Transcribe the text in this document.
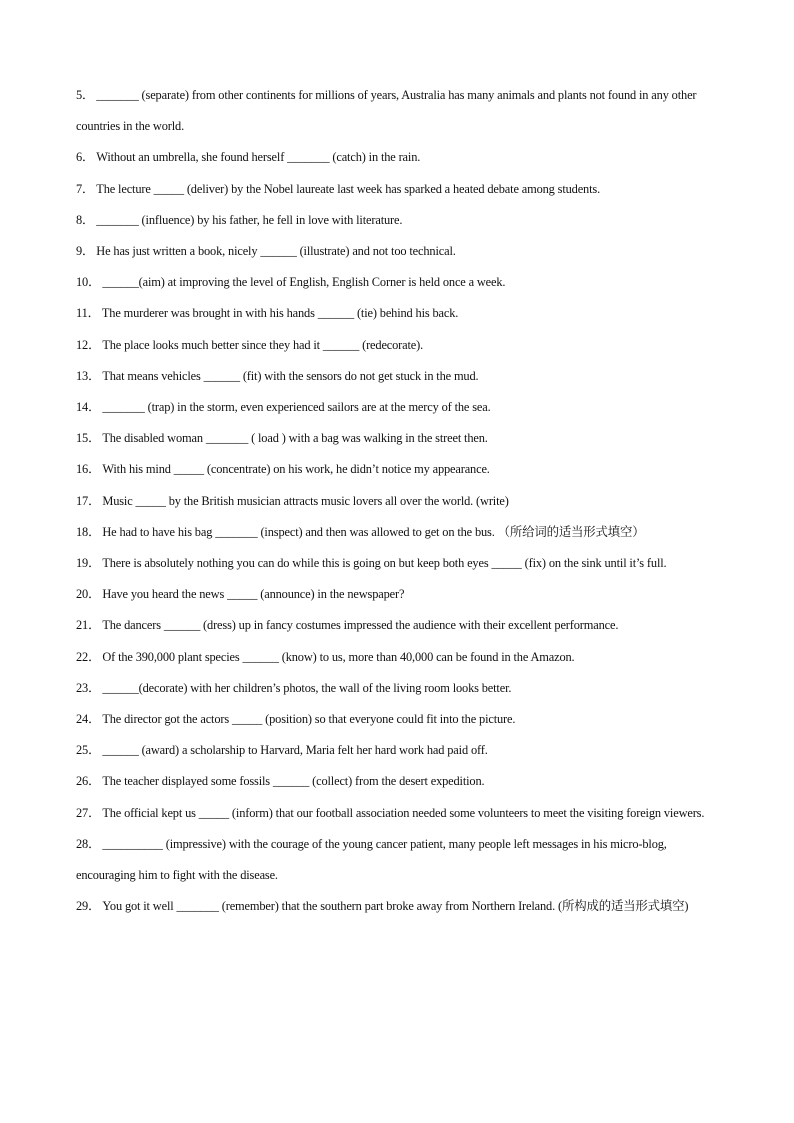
5． _______ (separate) from other continents for millions of years, Australia has many animals and plants not found in any other countries in the world.

6． Without an umbrella, she found herself _______ (catch) in the rain.

7． The lecture _____ (deliver) by the Nobel laureate last week has sparked a heated debate among students.

8． _______ (influence) by his father, he fell in love with literature.

9． He has just written a book, nicely ______ (illustrate) and not too technical.

10． ______(aim) at improving the level of English, English Corner is held once a week.

11． The murderer was brought in with his hands ______ (tie) behind his back.

12． The place looks much better since they had it ______ (redecorate).

13． That means vehicles ______ (fit) with the sensors do not get stuck in the mud.

14． _______ (trap) in the storm, even experienced sailors are at the mercy of the sea.

15． The disabled woman _______ ( load ) with a bag was walking in the street then.

16． With his mind _____ (concentrate) on his work, he didn’t notice my appearance.

17． Music _____ by the British musician attracts music lovers all over the world. (write)

18． He had to have his bag _______ (inspect) and then was allowed to get on the bus. （所给词的适当形式填空）

19． There is absolutely nothing you can do while this is going on but keep both eyes _____ (fix) on the sink until it’s full.

20． Have you heard the news _____ (announce) in the newspaper?

21． The dancers ______ (dress) up in fancy costumes impressed the audience with their excellent performance.

22． Of the 390,000 plant species ______ (know) to us, more than 40,000 can be found in the Amazon.

23． ______(decorate) with her children’s photos, the wall of the living room looks better.

24． The director got the actors _____ (position) so that everyone could fit into the picture.

25． ______ (award) a scholarship to Harvard, Maria felt her hard work had paid off.

26． The teacher displayed some fossils ______ (collect) from the desert expedition.

27． The official kept us _____ (inform) that our football association needed some volunteers to meet the visiting foreign viewers.

28． __________ (impressive) with the courage of the young cancer patient, many people left messages in his micro-blog, encouraging him to fight with the disease.

29． You got it well _______ (remember) that the southern part broke away from Northern Ireland. (所构成的适当形式填空)
